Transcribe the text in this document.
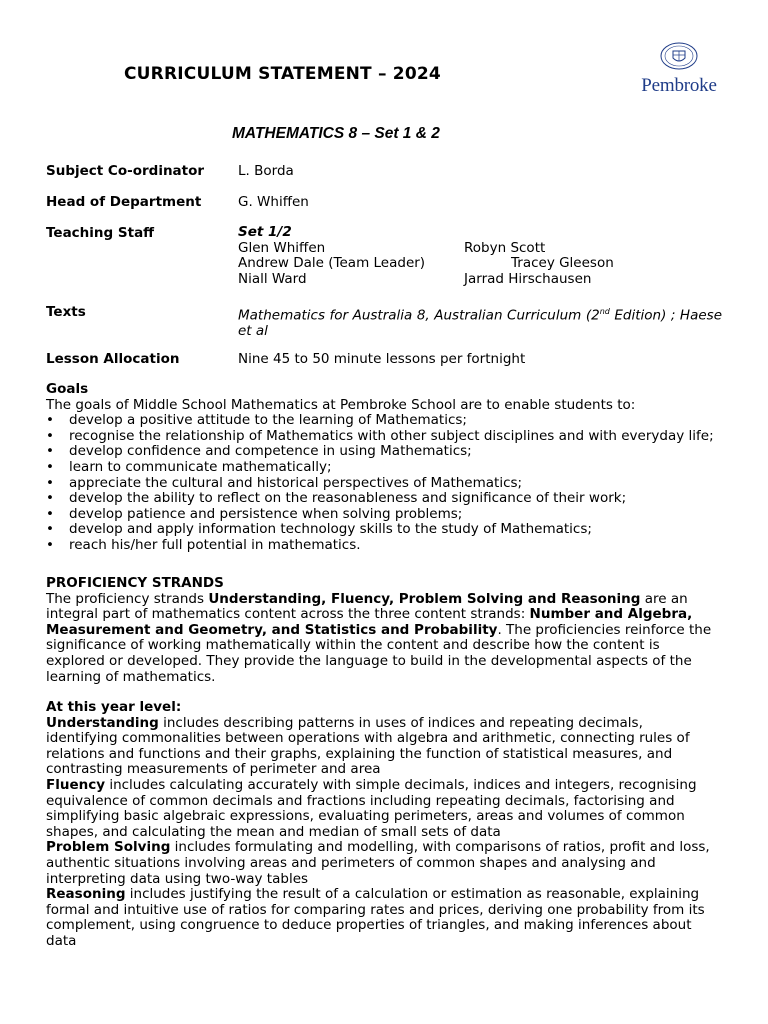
CURRICULUM STATEMENT – 2024
Pembroke
MATHEMATICS 8 – Set 1 & 2
Subject Co-ordinator	L. Borda
Head of Department	G. Whiffen
Teaching Staff	Set 1/2
Glen Whiffen	Robyn Scott
Andrew Dale (Team Leader)	Tracey Gleeson
Niall Ward	Jarrad Hirschausen
Texts	Mathematics for Australia 8, Australian Curriculum (2nd Edition) ; Haese et al
Lesson Allocation	Nine 45 to 50 minute lessons per fortnight
Goals
The goals of Middle School Mathematics at Pembroke School are to enable students to:
• develop a positive attitude to the learning of Mathematics;
• recognise the relationship of Mathematics with other subject disciplines and with everyday life;
• develop confidence and competence in using Mathematics;
• learn to communicate mathematically;
• appreciate the cultural and historical perspectives of Mathematics;
• develop the ability to reflect on the reasonableness and significance of their work;
• develop patience and persistence when solving problems;
• develop and apply information technology skills to the study of Mathematics;
• reach his/her full potential in mathematics.
PROFICIENCY STRANDS
The proficiency strands Understanding, Fluency, Problem Solving and Reasoning are an integral part of mathematics content across the three content strands: Number and Algebra, Measurement and Geometry, and Statistics and Probability. The proficiencies reinforce the significance of working mathematically within the content and describe how the content is explored or developed. They provide the language to build in the developmental aspects of the learning of mathematics.
At this year level:
Understanding includes describing patterns in uses of indices and repeating decimals, identifying commonalities between operations with algebra and arithmetic, connecting rules of relations and functions and their graphs, explaining the function of statistical measures, and contrasting measurements of perimeter and area
Fluency includes calculating accurately with simple decimals, indices and integers, recognising equivalence of common decimals and fractions including repeating decimals, factorising and simplifying basic algebraic expressions, evaluating perimeters, areas and volumes of common shapes, and calculating the mean and median of small sets of data
Problem Solving includes formulating and modelling, with comparisons of ratios, profit and loss, authentic situations involving areas and perimeters of common shapes and analysing and interpreting data using two-way tables
Reasoning includes justifying the result of a calculation or estimation as reasonable, explaining formal and intuitive use of ratios for comparing rates and prices, deriving one probability from its complement, using congruence to deduce properties of triangles, and making inferences about data
